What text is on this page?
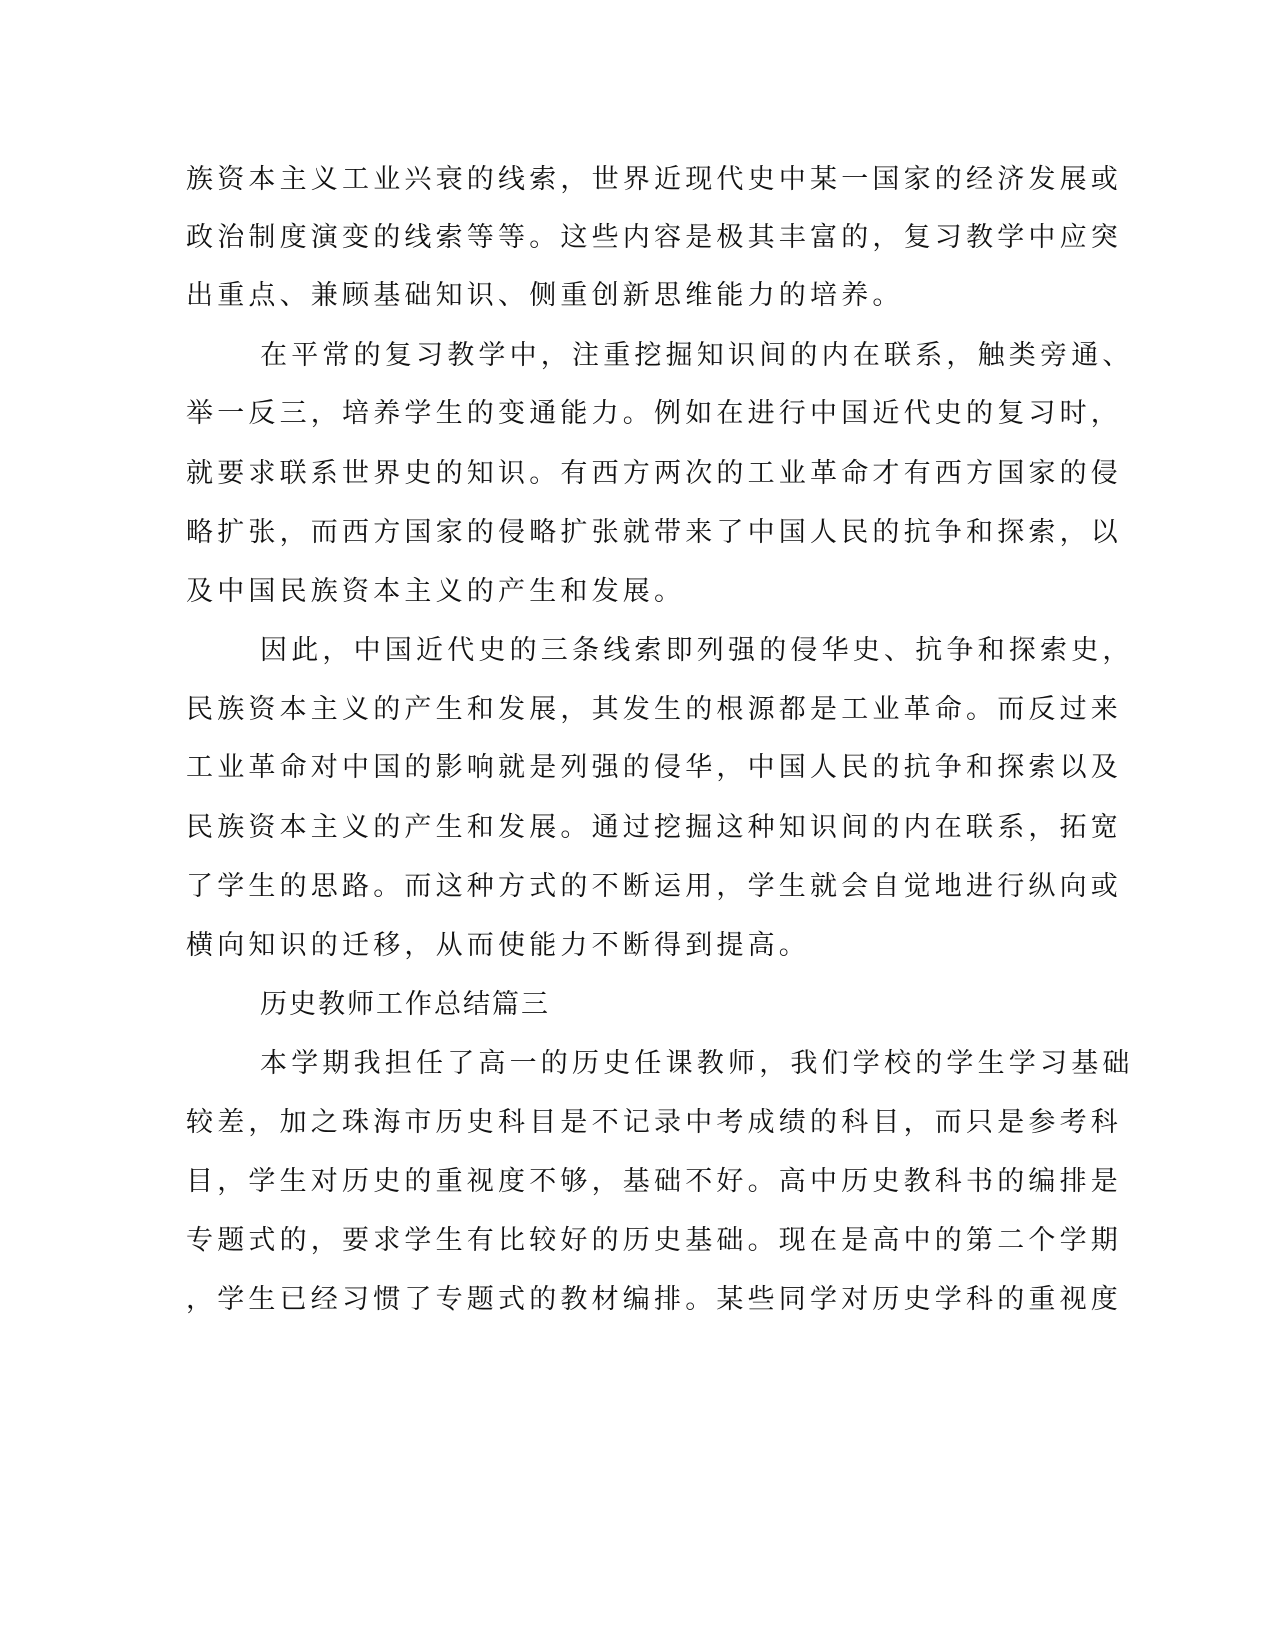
族资本主义工业兴衰的线索，世界近现代史中某一国家的经济发展或
政治制度演变的线索等等。这些内容是极其丰富的，复习教学中应突
出重点、兼顾基础知识、侧重创新思维能力的培养。
在平常的复习教学中，注重挖掘知识间的内在联系，触类旁通、
举一反三，培养学生的变通能力。例如在进行中国近代史的复习时，
就要求联系世界史的知识。有西方两次的工业革命才有西方国家的侵
略扩张，而西方国家的侵略扩张就带来了中国人民的抗争和探索，以
及中国民族资本主义的产生和发展。
因此，中国近代史的三条线索即列强的侵华史、抗争和探索史，
民族资本主义的产生和发展，其发生的根源都是工业革命。而反过来
工业革命对中国的影响就是列强的侵华，中国人民的抗争和探索以及
民族资本主义的产生和发展。通过挖掘这种知识间的内在联系，拓宽
了学生的思路。而这种方式的不断运用，学生就会自觉地进行纵向或
横向知识的迁移，从而使能力不断得到提高。
历史教师工作总结篇三
本学期我担任了高一的历史任课教师，我们学校的学生学习基础
较差，加之珠海市历史科目是不记录中考成绩的科目，而只是参考科
目，学生对历史的重视度不够，基础不好。高中历史教科书的编排是
专题式的，要求学生有比较好的历史基础。现在是高中的第二个学期
，学生已经习惯了专题式的教材编排。某些同学对历史学科的重视度
